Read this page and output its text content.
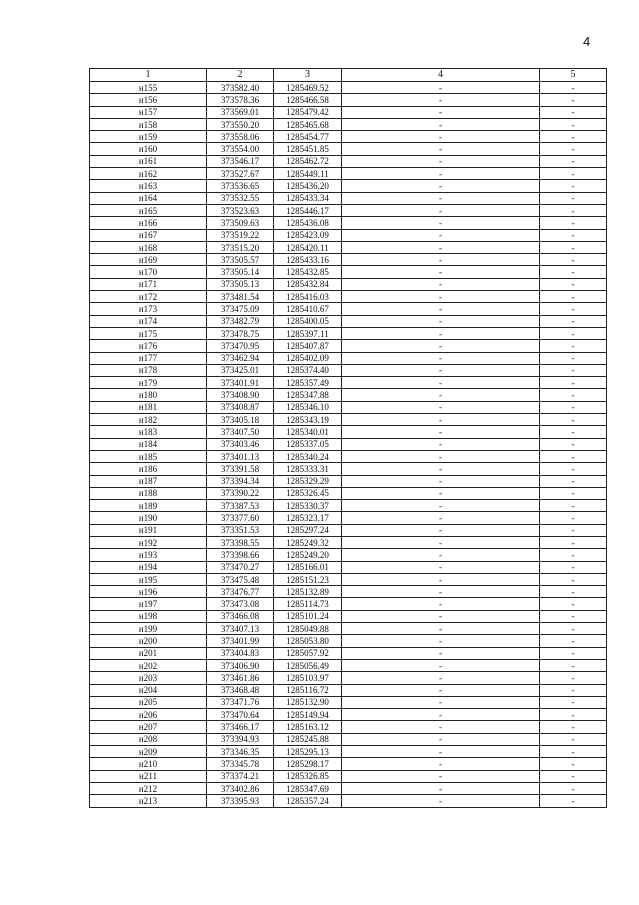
4
1	2	3	4	5
н155	373582.40	1285469.52	-	-
н156	373578.36	1285466.58	-	-
н157	373569.01	1285479.42	-	-
н158	373550.20	1285465.68	-	-
н159	373558.06	1285454.77	-	-
н160	373554.00	1285451.85	-	-
н161	373546.17	1285462.72	-	-
н162	373527.67	1285449.11	-	-
н163	373536.65	1285436.20	-	-
н164	373532.55	1285433.34	-	-
н165	373523.63	1285446.17	-	-
н166	373509.63	1285436.08	-	-
н167	373519.22	1285423.09	-	-
н168	373515.20	1285420.11	-	-
н169	373505.57	1285433.16	-	-
н170	373505.14	1285432.85	-	-
н171	373505.13	1285432.84	-	-
н172	373481.54	1285416.03	-	-
н173	373475.09	1285410.67	-	-
н174	373482.79	1285400.05	-	-
н175	373478.75	1285397.11	-	-
н176	373470.95	1285407.87	-	-
н177	373462.94	1285402.09	-	-
н178	373425.01	1285374.40	-	-
н179	373401.91	1285357.49	-	-
н180	373408.90	1285347.88	-	-
н181	373408.87	1285346.10	-	-
н182	373405.18	1285343.19	-	-
н183	373407.50	1285340.01	-	-
н184	373403.46	1285337.05	-	-
н185	373401.13	1285340.24	-	-
н186	373391.58	1285333.31	-	-
н187	373394.34	1285329.29	-	-
н188	373390.22	1285326.45	-	-
н189	373387.53	1285330.37	-	-
н190	373377.60	1285323.17	-	-
н191	373351.53	1285297.24	-	-
н192	373398.55	1285249.32	-	-
н193	373398.66	1285249.20	-	-
н194	373470.27	1285166.01	-	-
н195	373475.48	1285151.23	-	-
н196	373476.77	1285132.89	-	-
н197	373473.08	1285114.73	-	-
н198	373466.08	1285101.24	-	-
н199	373407.13	1285049.88	-	-
н200	373401.99	1285053.80	-	-
н201	373404.83	1285057.92	-	-
н202	373406.90	1285056.49	-	-
н203	373461.86	1285103.97	-	-
н204	373468.48	1285116.72	-	-
н205	373471.76	1285132.90	-	-
н206	373470.64	1285149.94	-	-
н207	373466.17	1285163.12	-	-
н208	373394.93	1285245.88	-	-
н209	373346.35	1285295.13	-	-
н210	373345.78	1285298.17	-	-
н211	373374.21	1285326.85	-	-
н212	373402.86	1285347.69	-	-
н213	373395.93	1285357.24	-	-
